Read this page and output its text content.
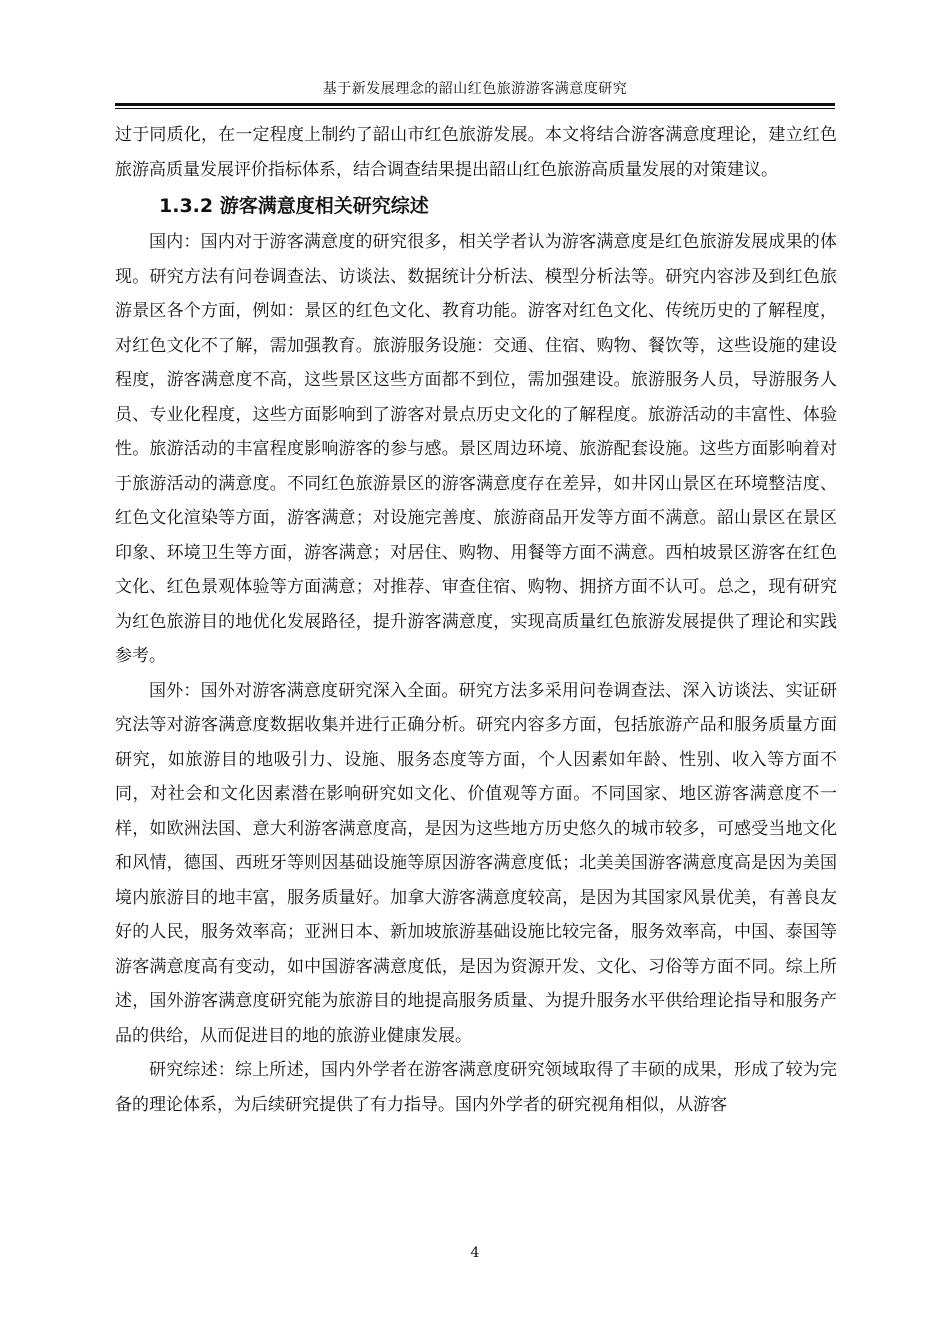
基于新发展理念的韶山红色旅游游客满意度研究

过于同质化，在一定程度上制约了韶山市红色旅游发展。本文将结合游客满意度理论，建立红色旅游高质量发展评价指标体系，结合调查结果提出韶山红色旅游高质量发展的对策建议。

1.3.2 游客满意度相关研究综述

国内：国内对于游客满意度的研究很多，相关学者认为游客满意度是红色旅游发展成果的体现。研究方法有问卷调查法、访谈法、数据统计分析法、模型分析法等。研究内容涉及到红色旅游景区各个方面，例如：景区的红色文化、教育功能。游客对红色文化、传统历史的了解程度，对红色文化不了解，需加强教育。旅游服务设施：交通、住宿、购物、餐饮等，这些设施的建设程度，游客满意度不高，这些景区这些方面都不到位，需加强建设。旅游服务人员，导游服务人员、专业化程度，这些方面影响到了游客对景点历史文化的了解程度。旅游活动的丰富性、体验性。旅游活动的丰富程度影响游客的参与感。景区周边环境、旅游配套设施。这些方面影响着对于旅游活动的满意度。不同红色旅游景区的游客满意度存在差异，如井冈山景区在环境整洁度、红色文化渲染等方面，游客满意；对设施完善度、旅游商品开发等方面不满意。韶山景区在景区印象、环境卫生等方面，游客满意；对居住、购物、用餐等方面不满意。西柏坡景区游客在红色文化、红色景观体验等方面满意；对推荐、审查住宿、购物、拥挤方面不认可。总之，现有研究为红色旅游目的地优化发展路径，提升游客满意度，实现高质量红色旅游发展提供了理论和实践参考。

国外：国外对游客满意度研究深入全面。研究方法多采用问卷调查法、深入访谈法、实证研究法等对游客满意度数据收集并进行正确分析。研究内容多方面，包括旅游产品和服务质量方面研究，如旅游目的地吸引力、设施、服务态度等方面，个人因素如年龄、性别、收入等方面不同，对社会和文化因素潜在影响研究如文化、价值观等方面。不同国家、地区游客满意度不一样，如欧洲法国、意大利游客满意度高，是因为这些地方历史悠久的城市较多，可感受当地文化和风情，德国、西班牙等则因基础设施等原因游客满意度低；北美美国游客满意度高是因为美国境内旅游目的地丰富，服务质量好。加拿大游客满意度较高，是因为其国家风景优美，有善良友好的人民，服务效率高；亚洲日本、新加坡旅游基础设施比较完备，服务效率高，中国、泰国等游客满意度高有变动，如中国游客满意度低，是因为资源开发、文化、习俗等方面不同。综上所述，国外游客满意度研究能为旅游目的地提高服务质量、为提升服务水平供给理论指导和服务产品的供给，从而促进目的地的旅游业健康发展。

研究综述：综上所述，国内外学者在游客满意度研究领域取得了丰硕的成果，形成了较为完备的理论体系，为后续研究提供了有力指导。国内外学者的研究视角相似，从游客

4
